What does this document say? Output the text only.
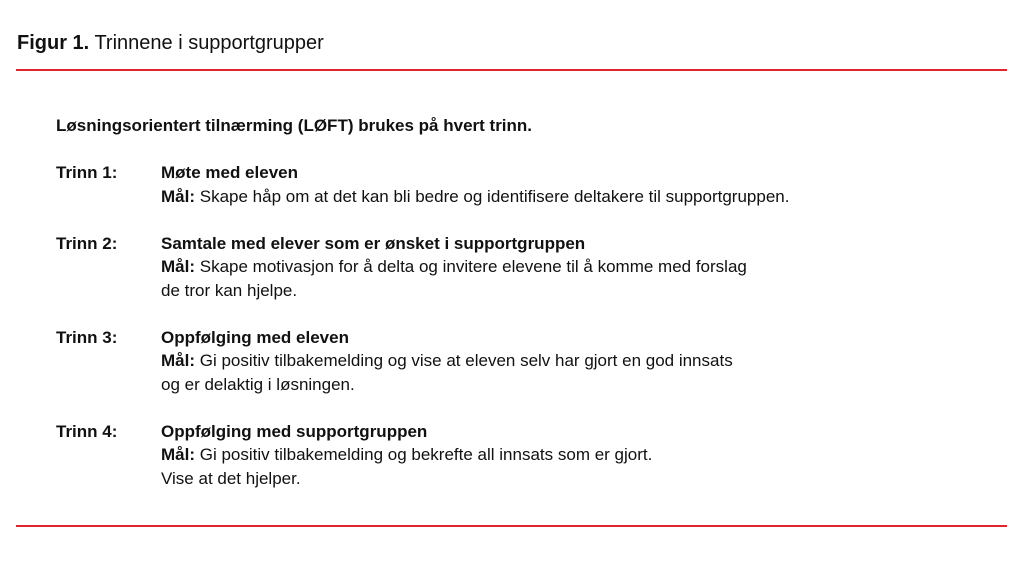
Figur 1. Trinnene i supportgrupper
Løsningsorientert tilnærming (LØFT) brukes på hvert trinn.
Trinn 1:	Møte med eleven
Mål: Skape håp om at det kan bli bedre og identifisere deltakere til supportgruppen.
Trinn 2:	Samtale med elever som er ønsket i supportgruppen
Mål: Skape motivasjon for å delta og invitere elevene til å komme med forslag
de tror kan hjelpe.
Trinn 3:	Oppfølging med eleven
Mål: Gi positiv tilbakemelding og vise at eleven selv har gjort en god innsats
og er delaktig i løsningen.
Trinn 4:	Oppfølging med supportgruppen
Mål: Gi positiv tilbakemelding og bekrefte all innsats som er gjort.
Vise at det hjelper.
